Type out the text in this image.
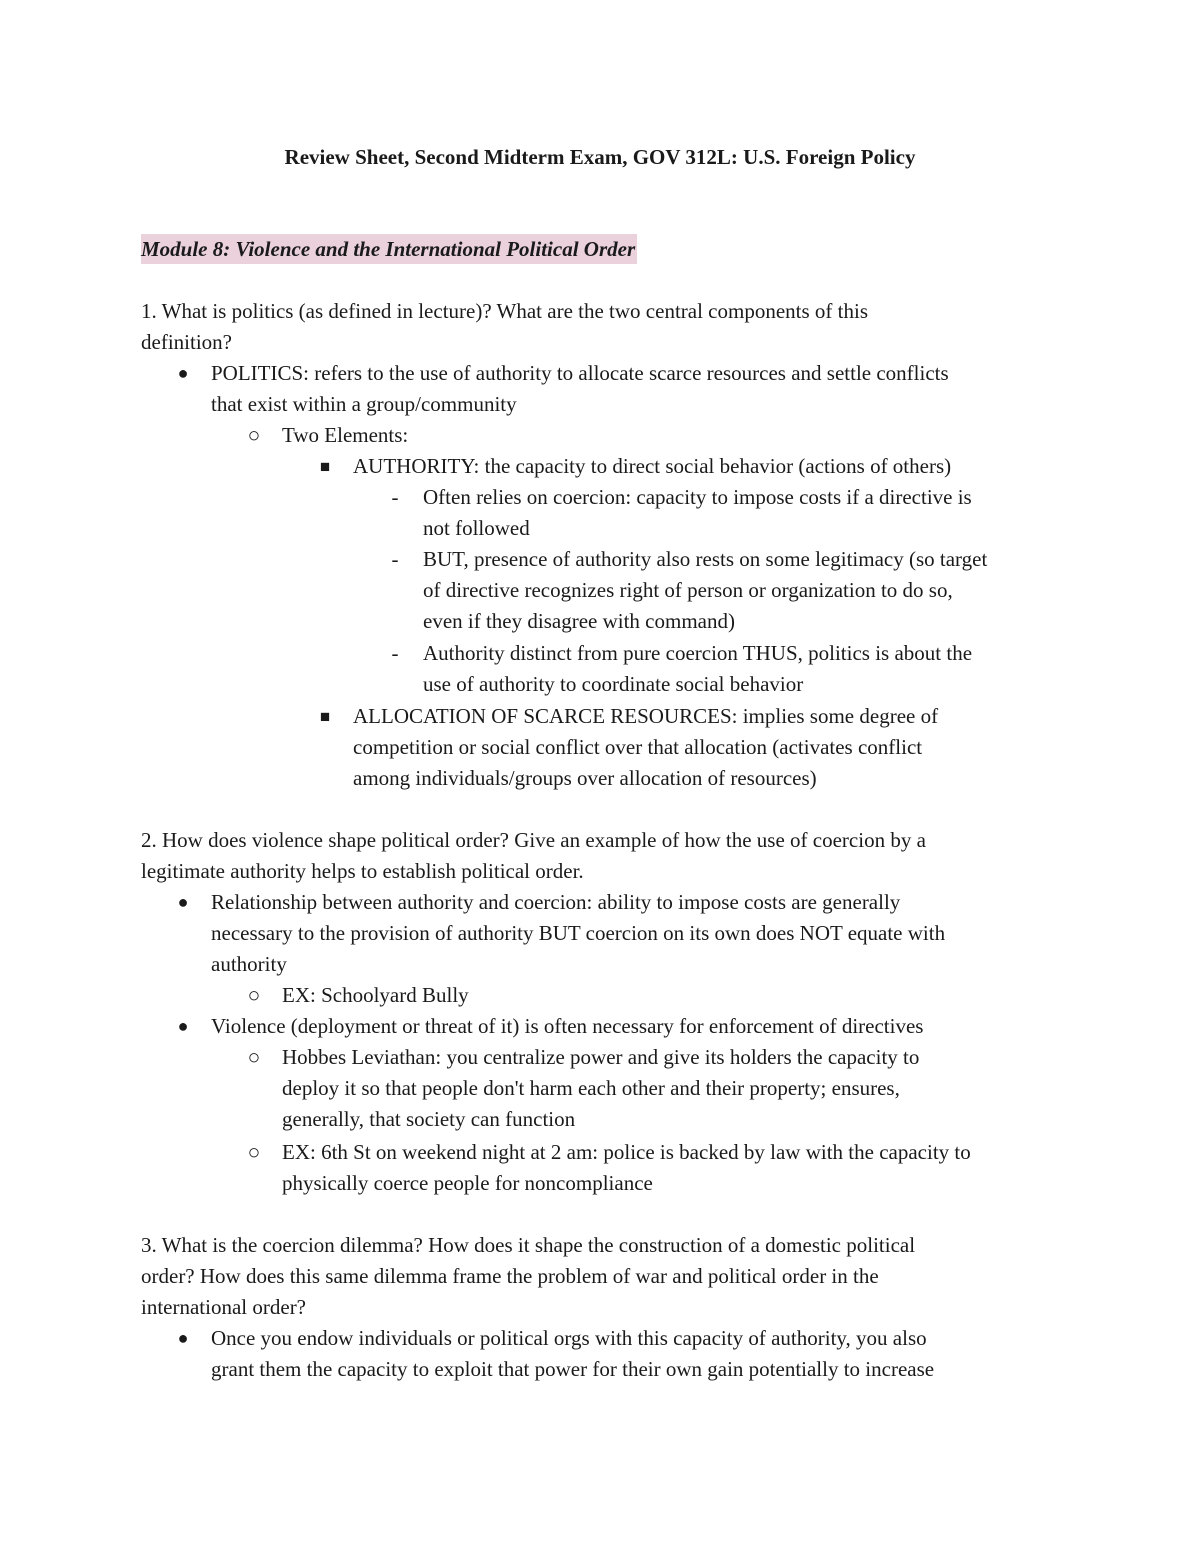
Review Sheet, Second Midterm Exam, GOV 312L: U.S. Foreign Policy
Module 8: Violence and the International Political Order
1. What is politics (as defined in lecture)? What are the two central components of this
definition?
● POLITICS: refers to the use of authority to allocate scarce resources and settle conflicts
that exist within a group/community
○ Two Elements:
■ AUTHORITY: the capacity to direct social behavior (actions of others)
-	Often relies on coercion: capacity to impose costs if a directive is
not followed
-	BUT, presence of authority also rests on some legitimacy (so target
of directive recognizes right of person or organization to do so,
even if they disagree with command)
-	Authority distinct from pure coercion THUS, politics is about the
use of authority to coordinate social behavior
■ ALLOCATION OF SCARCE RESOURCES: implies some degree of
competition or social conflict over that allocation (activates conflict
among individuals/groups over allocation of resources)
2. How does violence shape political order? Give an example of how the use of coercion by a
legitimate authority helps to establish political order.
● Relationship between authority and coercion: ability to impose costs are generally
necessary to the provision of authority BUT coercion on its own does NOT equate with
authority
○ EX: Schoolyard Bully
● Violence (deployment or threat of it) is often necessary for enforcement of directives
○ Hobbes Leviathan: you centralize power and give its holders the capacity to
deploy it so that people don't harm each other and their property; ensures,
generally, that society can function
○ EX: 6th St on weekend night at 2 am: police is backed by law with the capacity to
physically coerce people for noncompliance
3. What is the coercion dilemma? How does it shape the construction of a domestic political
order? How does this same dilemma frame the problem of war and political order in the
international order?
● Once you endow individuals or political orgs with this capacity of authority, you also
grant them the capacity to exploit that power for their own gain potentially to increase
